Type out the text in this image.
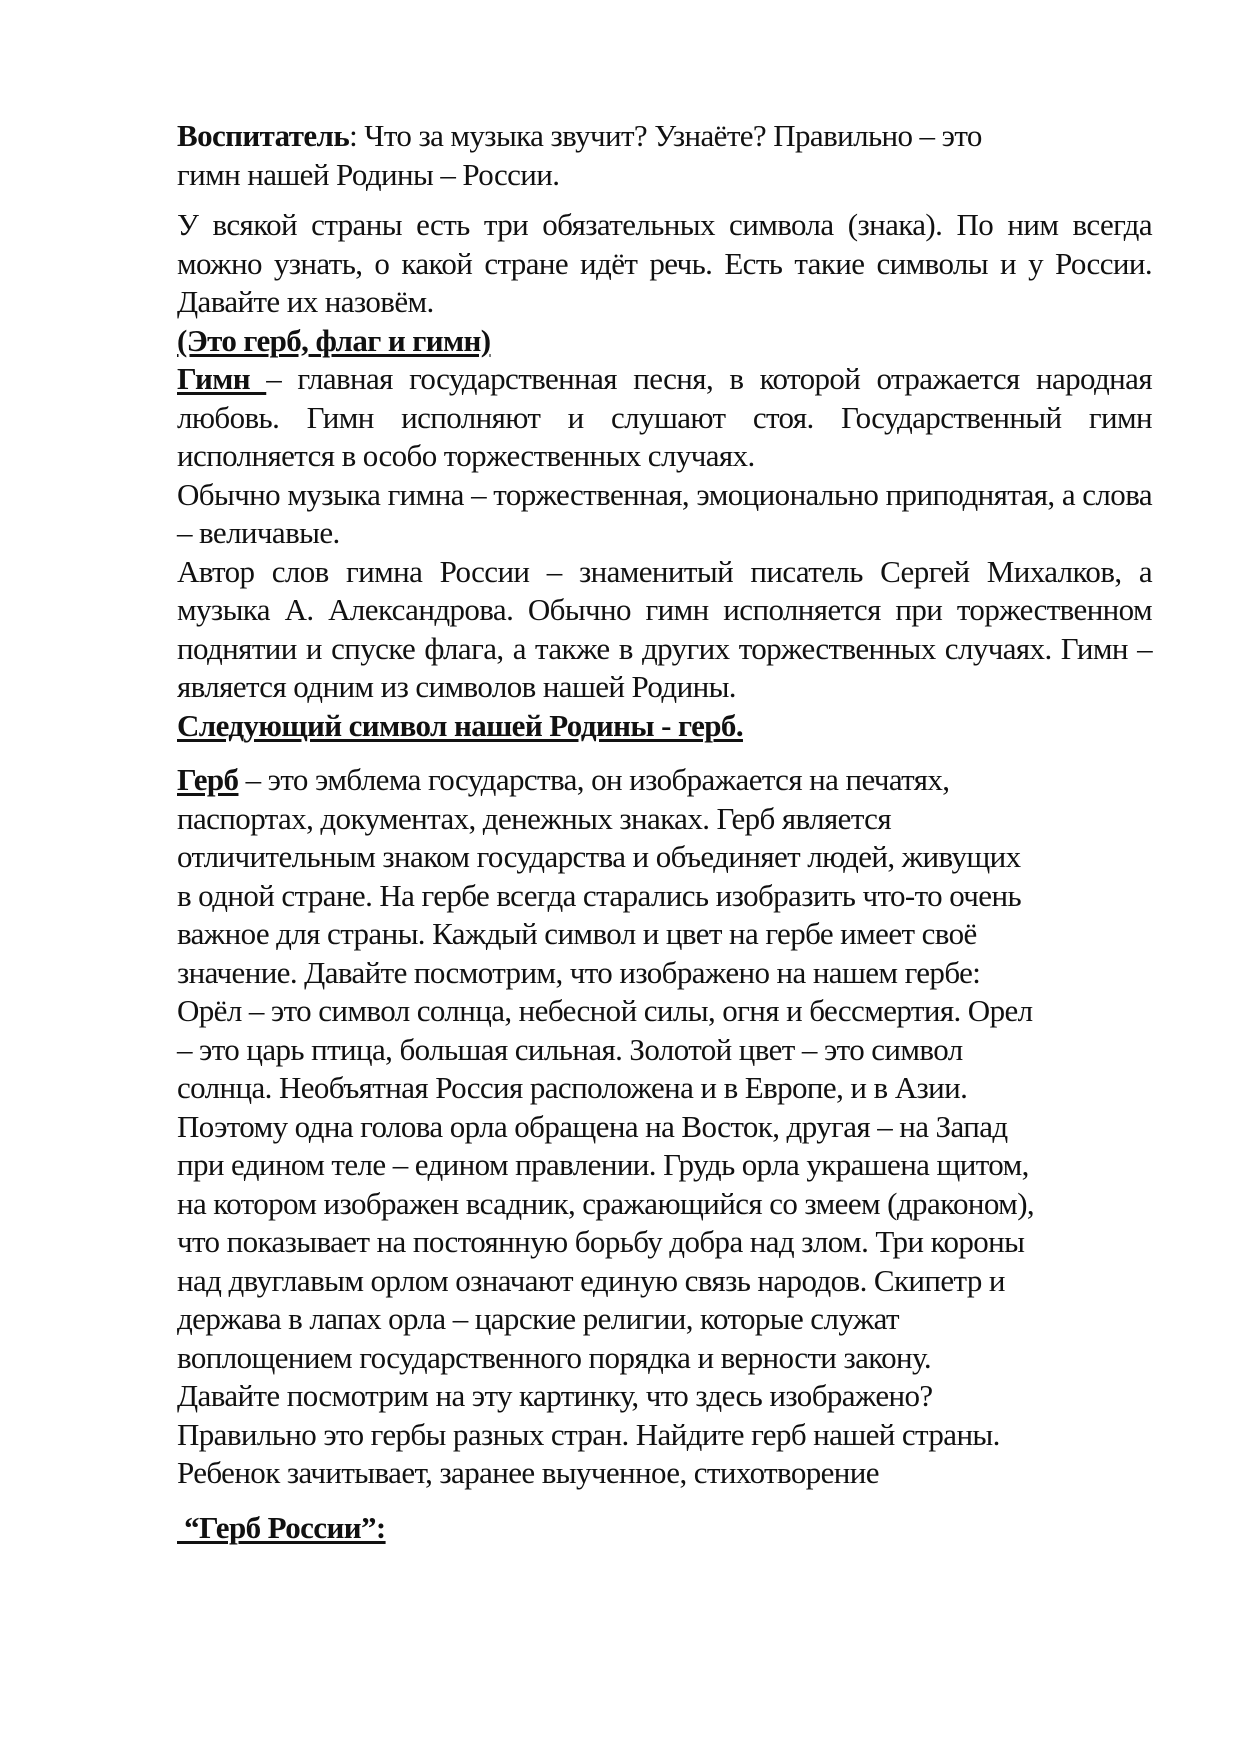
Воспитатель: Что за музыка звучит? Узнаёте? Правильно – это гимн нашей Родины – России.

У всякой страны есть три обязательных символа (знака). По ним всегда можно узнать, о какой стране идёт речь. Есть такие символы и у России. Давайте их назовём.

(Это герб, флаг и гимн)

Гимн – главная государственная песня, в которой отражается народная любовь. Гимн исполняют и слушают стоя. Государственный гимн исполняется в особо торжественных случаях.

Обычно музыка гимна – торжественная, эмоционально приподнятая, а слова – величавые.

Автор слов гимна России – знаменитый писатель Сергей Михалков, а музыка А. Александрова. Обычно гимн исполняется при торжественном поднятии и спуске флага, а также в других торжественных случаях. Гимн – является одним из символов нашей Родины.

Следующий символ нашей Родины - герб.

Герб – это эмблема государства, он изображается на печатях,
паспортах, документах, денежных знаках. Герб является
отличительным знаком государства и объединяет людей, живущих
в одной стране. На гербе всегда старались изобразить что-то очень
важное для страны. Каждый символ и цвет на гербе имеет своё
значение. Давайте посмотрим, что изображено на нашем гербе:
Орёл – это символ солнца, небесной силы, огня и бессмертия. Орел
– это царь птица, большая сильная. Золотой цвет – это символ
солнца. Необъятная Россия расположена и в Европе, и в Азии.
Поэтому одна голова орла обращена на Восток, другая – на Запад
при едином теле – едином правлении. Грудь орла украшена щитом,
на котором изображен всадник, сражающийся со змеем (драконом),
что показывает на постоянную борьбу добра над злом. Три короны
над двуглавым орлом означают единую связь народов. Скипетр и
держава в лапах орла – царские религии, которые служат
воплощением государственного порядка и верности закону.
Давайте посмотрим на эту картинку, что здесь изображено?
Правильно это гербы разных стран. Найдите герб нашей страны.
Ребенок зачитывает, заранее выученное, стихотворение

“Герб России”:
